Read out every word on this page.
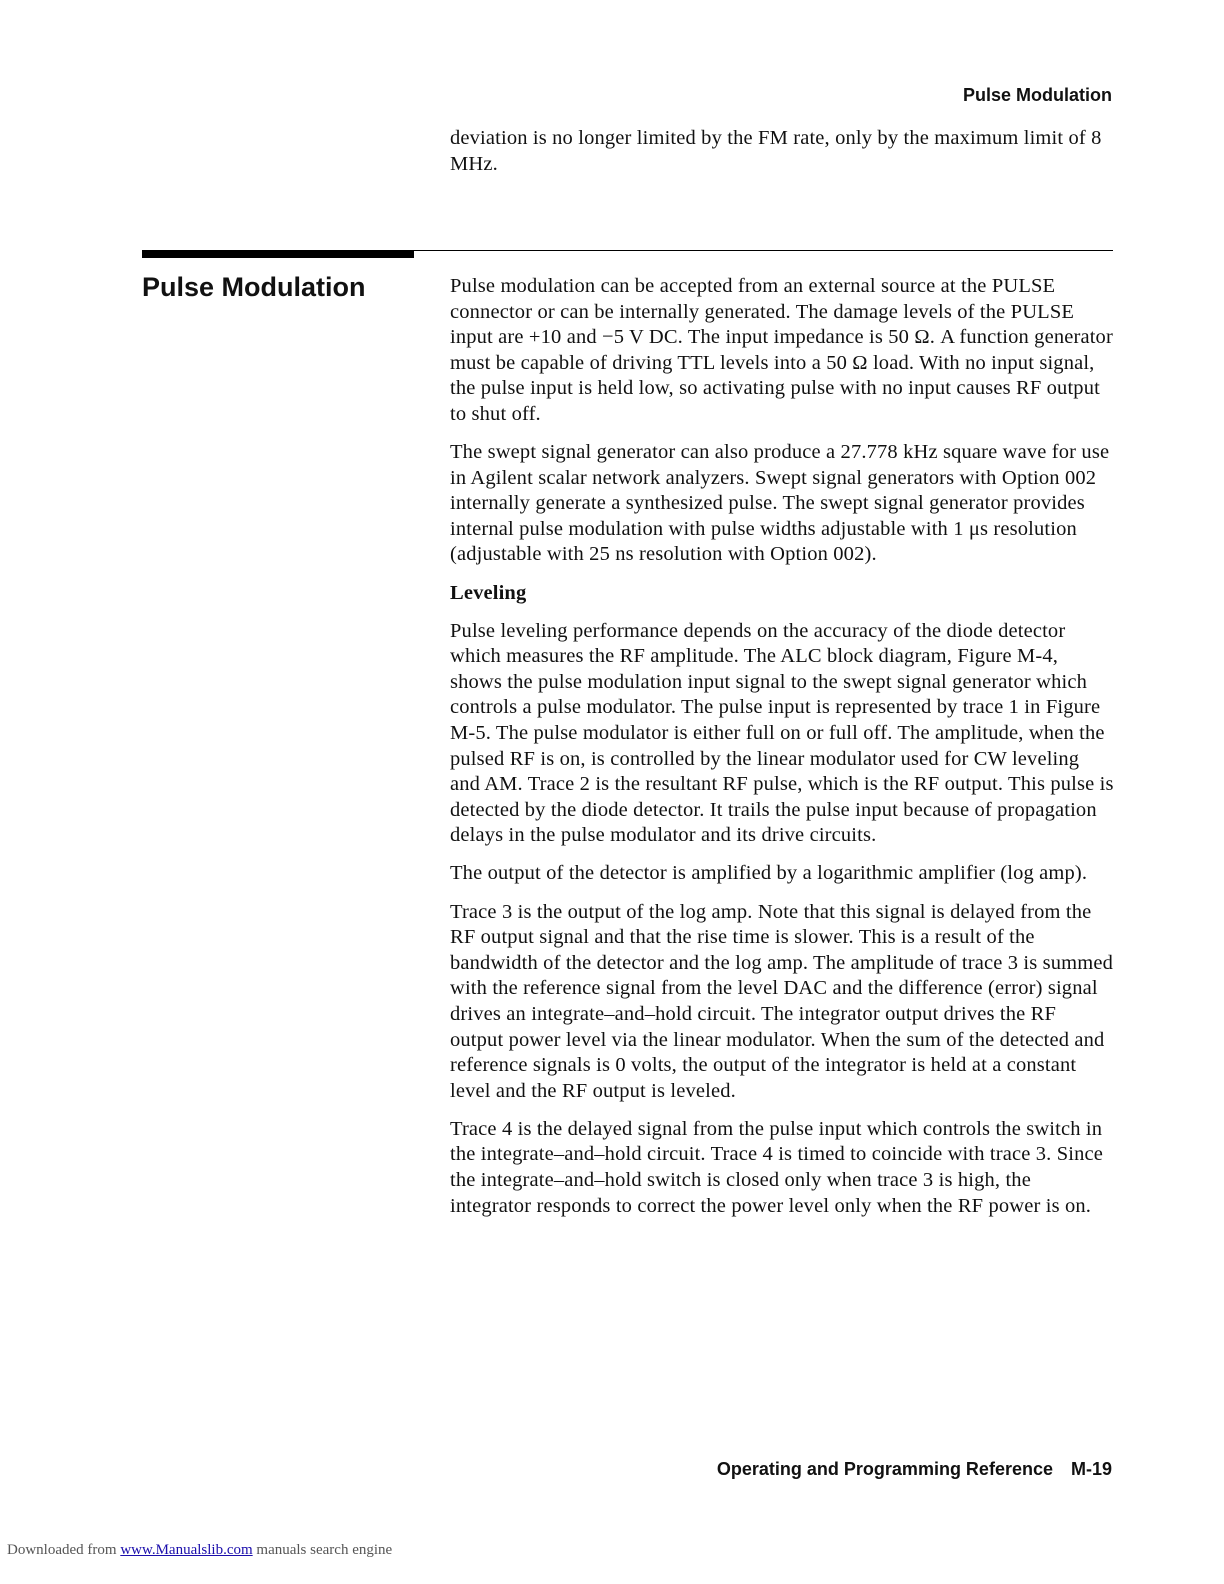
Pulse Modulation

deviation is no longer limited by the FM rate, only by the maximum limit of 8 MHz.

Pulse Modulation	Pulse modulation can be accepted from an external source at the PULSE connector or can be internally generated. The damage levels of the PULSE input are +10 and −5 V DC. The input impedance is 50 Ω. A function generator must be capable of driving TTL levels into a 50 Ω load. With no input signal, the pulse input is held low, so activating pulse with no input causes RF output to shut off.

The swept signal generator can also produce a 27.778 kHz square wave for use in Agilent scalar network analyzers. Swept signal generators with Option 002 internally generate a synthesized pulse. The swept signal generator provides internal pulse modulation with pulse widths adjustable with 1 μs resolution (adjustable with 25 ns resolution with Option 002).

Leveling

Pulse leveling performance depends on the accuracy of the diode detector which measures the RF amplitude. The ALC block diagram, Figure M-4, shows the pulse modulation input signal to the swept signal generator which controls a pulse modulator. The pulse input is represented by trace 1 in Figure M-5. The pulse modulator is either full on or full off. The amplitude, when the pulsed RF is on, is controlled by the linear modulator used for CW leveling and AM. Trace 2 is the resultant RF pulse, which is the RF output. This pulse is detected by the diode detector. It trails the pulse input because of propagation delays in the pulse modulator and its drive circuits.

The output of the detector is amplified by a logarithmic amplifier (log amp).

Trace 3 is the output of the log amp. Note that this signal is delayed from the RF output signal and that the rise time is slower. This is a result of the bandwidth of the detector and the log amp. The amplitude of trace 3 is summed with the reference signal from the level DAC and the difference (error) signal drives an integrate–and–hold circuit. The integrator output drives the RF output power level via the linear modulator. When the sum of the detected and reference signals is 0 volts, the output of the integrator is held at a constant level and the RF output is leveled.

Trace 4 is the delayed signal from the pulse input which controls the switch in the integrate–and–hold circuit. Trace 4 is timed to coincide with trace 3. Since the integrate–and–hold switch is closed only when trace 3 is high, the integrator responds to correct the power level only when the RF power is on.

Operating and Programming Reference M-19
Downloaded from www.Manualslib.com manuals search engine
